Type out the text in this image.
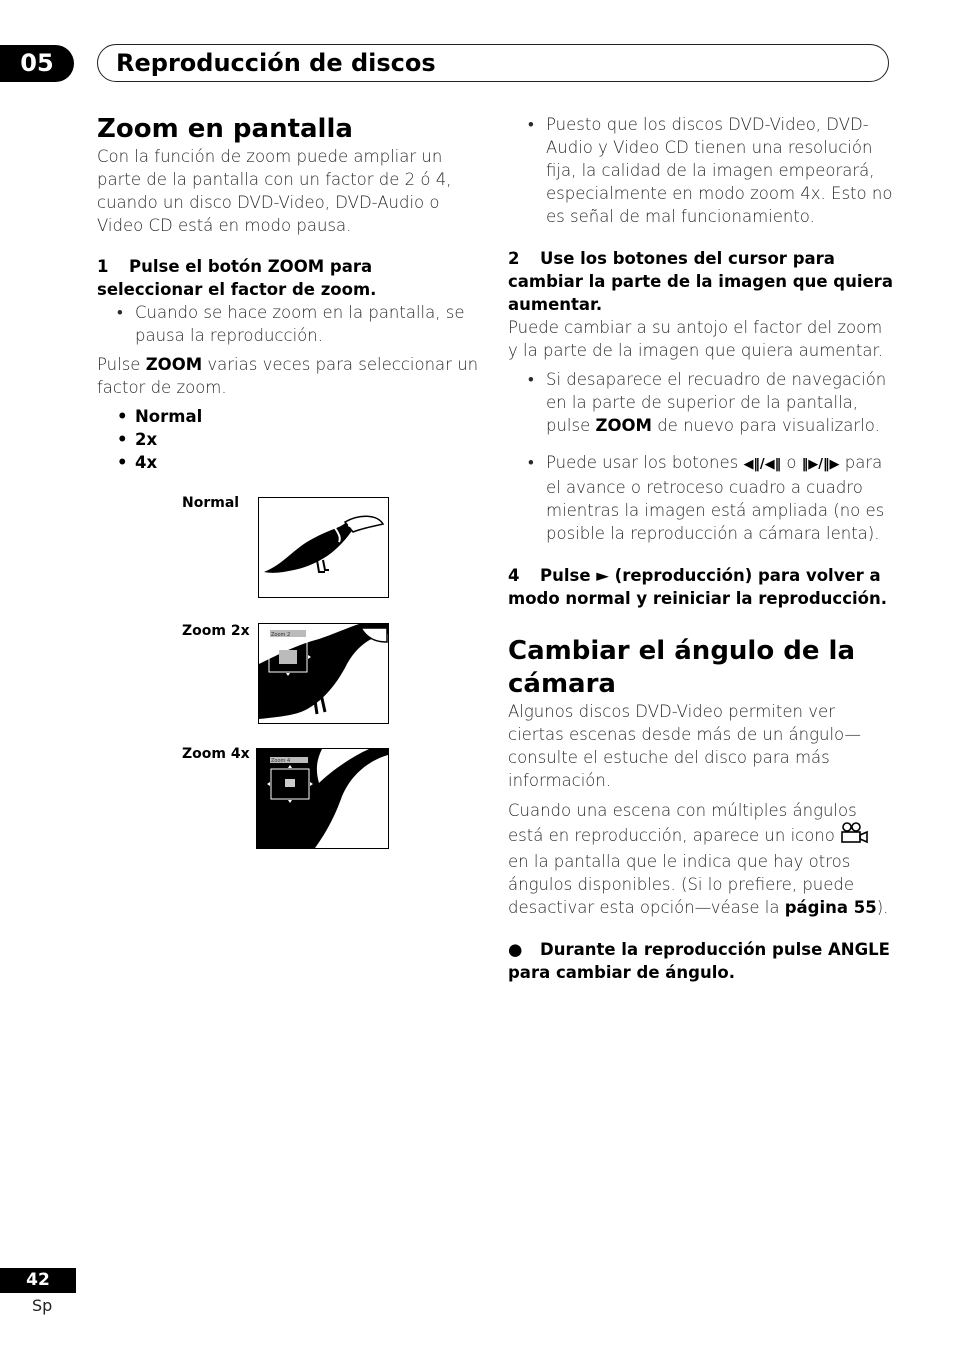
05	Reproducción de discos
Zoom en pantalla

Con la función de zoom puede ampliar un parte de la pantalla con un factor de 2 ó 4, cuando un disco DVD-Video, DVD-Audio o Video CD está en modo pausa.

1 Pulse el botón ZOOM para seleccionar el factor de zoom.

• Cuando se hace zoom en la pantalla, se pausa la reproducción.

Pulse ZOOM varias veces para seleccionar un factor de zoom.

• Normal

• 2x

• 4x

Normal
Zoom 2x	Zoom 2
Zoom 4x	Zoom 4

• Puesto que los discos DVD-Video, DVD-Audio y Video CD tienen una resolución fija, la calidad de la imagen empeorará, especialmente en modo zoom 4x. Esto no es señal de mal funcionamiento.

2 Use los botones del cursor para cambiar la parte de la imagen que quiera aumentar.

Puede cambiar a su antojo el factor del zoom y la parte de la imagen que quiera aumentar.

• Si desaparece el recuadro de navegación en la parte de superior de la pantalla, pulse ZOOM de nuevo para visualizarlo.

• Puede usar los botones ◀‖/◀‖ o ‖▶/‖▶ para el avance o retroceso cuadro a cuadro mientras la imagen está ampliada (no es posible la reproducción a cámara lenta).

4 Pulse ► (reproducción) para volver a modo normal y reiniciar la reproducción.

Cambiar el ángulo de la cámara

Algunos discos DVD-Video permiten ver ciertas escenas desde más de un ángulo—consulte el estuche del disco para más información.

Cuando una escena con múltiples ángulos está en reproducción, aparece un icono  en la pantalla que le indica que hay otros ángulos disponibles. (Si lo prefiere, puede desactivar esta opción—véase la página 55).

● Durante la reproducción pulse ANGLE para cambiar de ángulo.

42
Sp
